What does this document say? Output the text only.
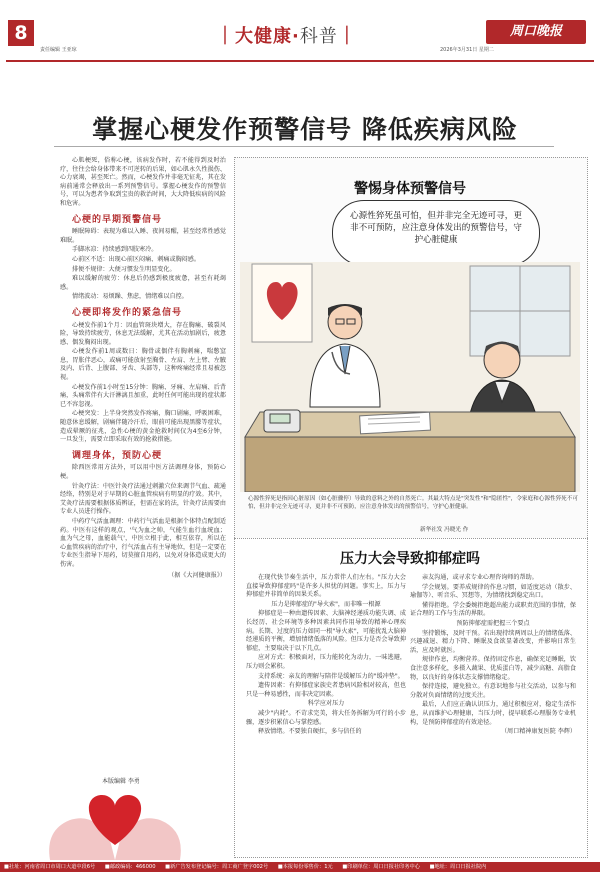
8
责任编辑 王亚琼
｜大健康·科普｜	周口晚报
2026年3月31日 星期二
掌握心梗发作预警信号 降低疾病风险

心肌梗死，俗称心梗，该病发作时，若不能得到及时治疗，往往会给身体带来不可逆转的后果，如心肌永久性损伤、心力衰竭，甚至死亡。然而，心梗发作并非毫无征兆，其在发病前通常会释放出一系列预警信号。掌握心梗发作的预警信号，可以为患者争取到宝贵的救治时间，大大降低疾病的风险和危害。

心梗的早期预警信号

睡眠障碍：表现为难以入睡、夜间易醒，甚至经常性感觉难眠。

手脚冰凉：持续感到四肢寒冷。

心前区不适：出现心前区闷痛、刺痛或胸闷感。

排便不规律：大便习惯发生明显变化。

难以缓解的疲劳：休息后仍感到极度疲惫，甚至有耗竭感。

情绪波动：易烦躁、焦虑，情绪难以自控。

心梗即将发作的紧急信号

心梗发作前1个月：因血管斑块增大，存在胸痛、破裂风险，导致持续疲劳，休息无法缓解，尤其在活动加剧后，疲惫感、偶发胸闷出现。

心梗发作前1周或数日：胸骨或偶伴有胸刺痛，喘憋窒息，胃胀伴恶心，或痛可能放射至胸骨、左肩、左上臂、左腋及内、后背、上腹部、牙齿、头部等，这种疼痛经常且易被忽视。

心梗发作前1小时至15分钟：胸痛、牙痛、左肩痛、后背痛，头痛常伴有大汗淋漓且加重，此时任何可能出现的症状都已不容忽视。

心梗突发：上半身突然发作疼痛，胸口剧痛，呼吸困难，随意休息缓解，剧痛伴随冷汗后，眼前可能出现黑朦等症状，造成晕厥的征兆，急性心梗的黄金抢救时间仅为4至6分钟，一旦发生，需要立即采取有效的抢救措施。

调理身体，预防心梗

除西医常用方法外，可以用中医方法调理身体，预防心梗。

针灸疗法：中医针灸疗法通过刺激穴位来调节气血、疏通经络，特别是对于早期的心脏血管疾病有明显的疗效。其中，艾灸疗法需要根据体质辨证，但需在家的法，针灸疗法需要由专业人员进行操作。

中药疗气活血调理：中药行气活血是根据个体特点配制适药。中医有这样的观点，'气为血之帅，气能生血行血统血；血为气之母，血能载气'，中医立根于此，相互依存，所以在心血管疾病的治疗中，行气活血占有主导地位，但是一定要在专业医生指导下用药，切莫擅自用药，以免对身体造成更大的伤害。

（据《大河健康报》）
本版编辑 李勇
警惕身体预警信号
心源性猝死虽可怕，但并非完全无迹可寻，更非不可预防，应注意身体发出的预警信号，守护心脏健康
心源性猝死是指因心脏原因（如心脏骤停）导致的意料之外的自然死亡。其最大特点是"突发性"和"隐匿性"，令家庭和心源性猝死不可怕，但并非完全无迹可寻，更并非不可预防，应注意身体发出的预警信号，守护心脏健康。
新华社发 冯晓光 作
压力大会导致抑郁症吗

在现代快节奏生活中，压力常伴人们左右。"压力大会直接导致抑郁症吗"是许多人担忧的问题。事实上，压力与抑郁症并非简单的因果关系。

压力是抑郁症的"导火索"，而非唯一根源

抑郁症是一种由遗传因素、大脑神经递质功能失调、成长经历、社会环境等多种因素共同作用导致的精神心理疾病。长期、过度的压力如同一根"导火索"，可能扰乱大脑神经递质的平衡，增加情绪低落的风险。但压力是否会导致抑郁症，主要取决于以下几点。

应对方式：积极面对，压力能转化为动力，一味逃避，压力则会累积。

支持系统：亲友的理解与陪伴是缓解压力的"缓冲垫"。

遗传因素：有抑郁症家族史者患病风险相对较高，但也只是一种易感性，而非决定因素。

科学应对压力

减少"内耗"。不苛求完美，将大任务拆解为可行的小步骤，逐步积累信心与掌控感。

释放情绪。不要独自硬扛，多与信任的

亲友沟通，或寻求专业心理咨询师的帮助。

学会规划。要养成规律的作息习惯，如适度运动（散步、瑜伽等）、听音乐、冥想等，为情绪找到稳定出口。

懂得拒绝。学会委婉拒绝超出能力或职责范围的事情，保证合理的工作与生活的界限。

预防抑郁症需把握三个要点

坚持锻炼，及时干预。若出现持续两周以上的情绪低落、兴趣减退、精力下降、睡眠及食欲显著改变，并影响日常生活，应及时就医。

规律作息，均衡营养。保持固定作息，确保充足睡眠，饮食注意多样化，多摄入蔬果、优质蛋白等，减少高糖、高脂食物，以良好的身体状态支撑情绪稳定。

保持连接，避免独立。有意识地参与社交活动，以参与和分散对负面情绪的过度关注。

最后，人们应正确认识压力，通过积极应对，稳定生活作息，从而维护心理健康，当压力时，提早联系心理服务专业机构，是预防抑郁症的有效途径。

（周口精神康复医院 李辉）

■社址：河南省周口市周口大道中段6号 ■邮政编码：466000 ■新广告发布登记编号：周工商广登字002号 ■本报每份零售价：1元 ■印刷单位：周口日报社印务中心 ■地址：周口日报社院内
